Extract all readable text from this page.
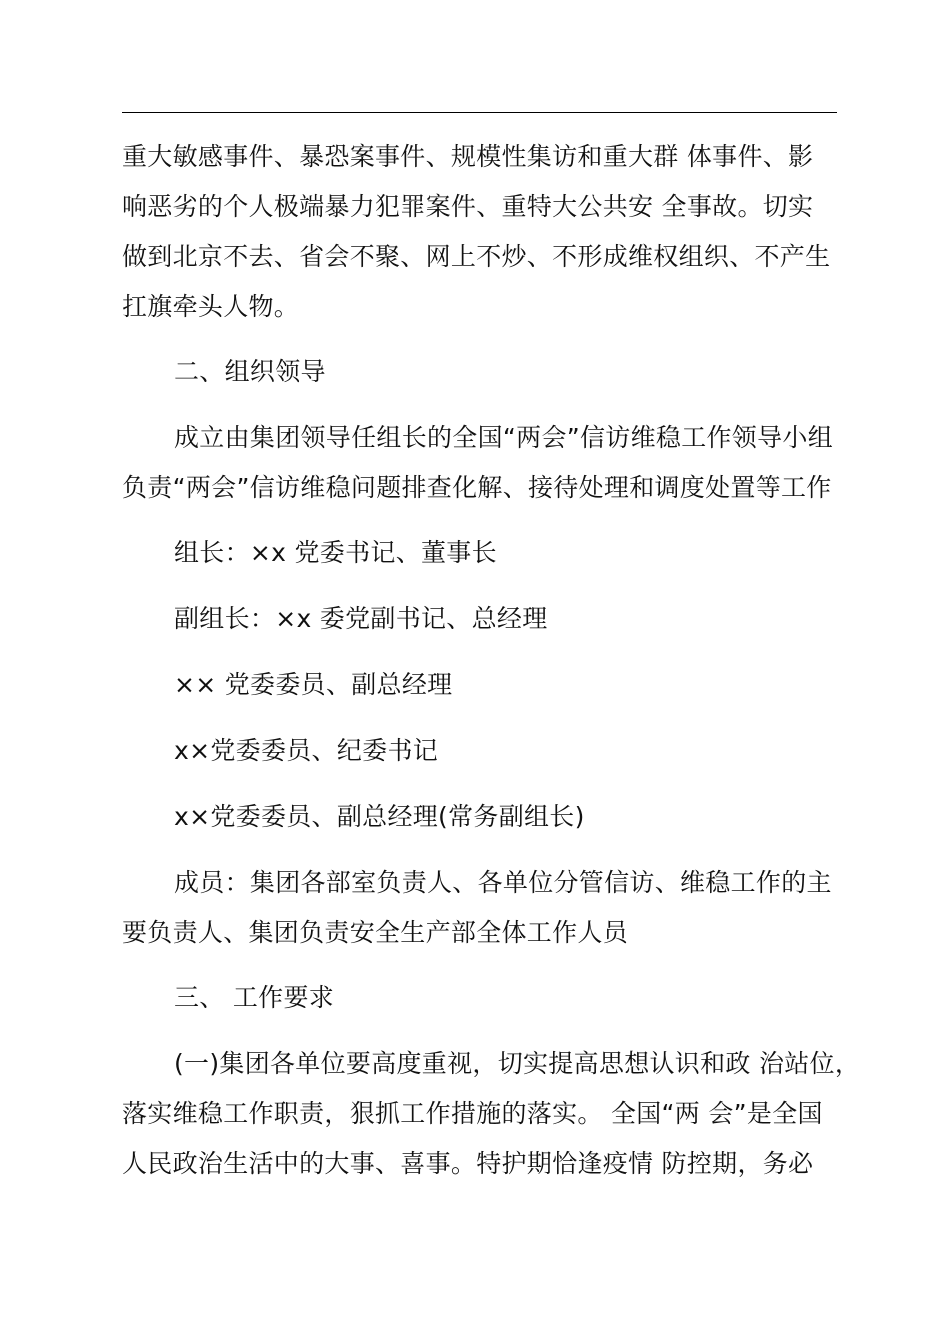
重大敏感事件、暴恐案事件、规模性集访和重大群 体事件、影
响恶劣的个人极端暴力犯罪案件、重特大公共安 全事故。切实
做到北京不去、省会不聚、网上不炒、不形成维权组织、不产生
扛旗牵头人物。
二、组织领导
成立由集团领导任组长的全国“两会”信访维稳工作领导小组
负责“两会”信访维稳问题排查化解、接待处理和调度处置等工作
组长：×x 党委书记、董事长
副组长：×x 委党副书记、总经理
×× 党委委员、副总经理
x×党委委员、纪委书记
x×党委委员、副总经理(常务副组长)
成员：集团各部室负责人、各单位分管信访、维稳工作的主
要负责人、集团负责安全生产部全体工作人员
三、 工作要求
(一)集团各单位要高度重视，切实提高思想认识和政 治站位，
落实维稳工作职责，狠抓工作措施的落实。 全国“两 会”是全国
人民政治生活中的大事、喜事。特护期恰逢疫情 防控期，务必
